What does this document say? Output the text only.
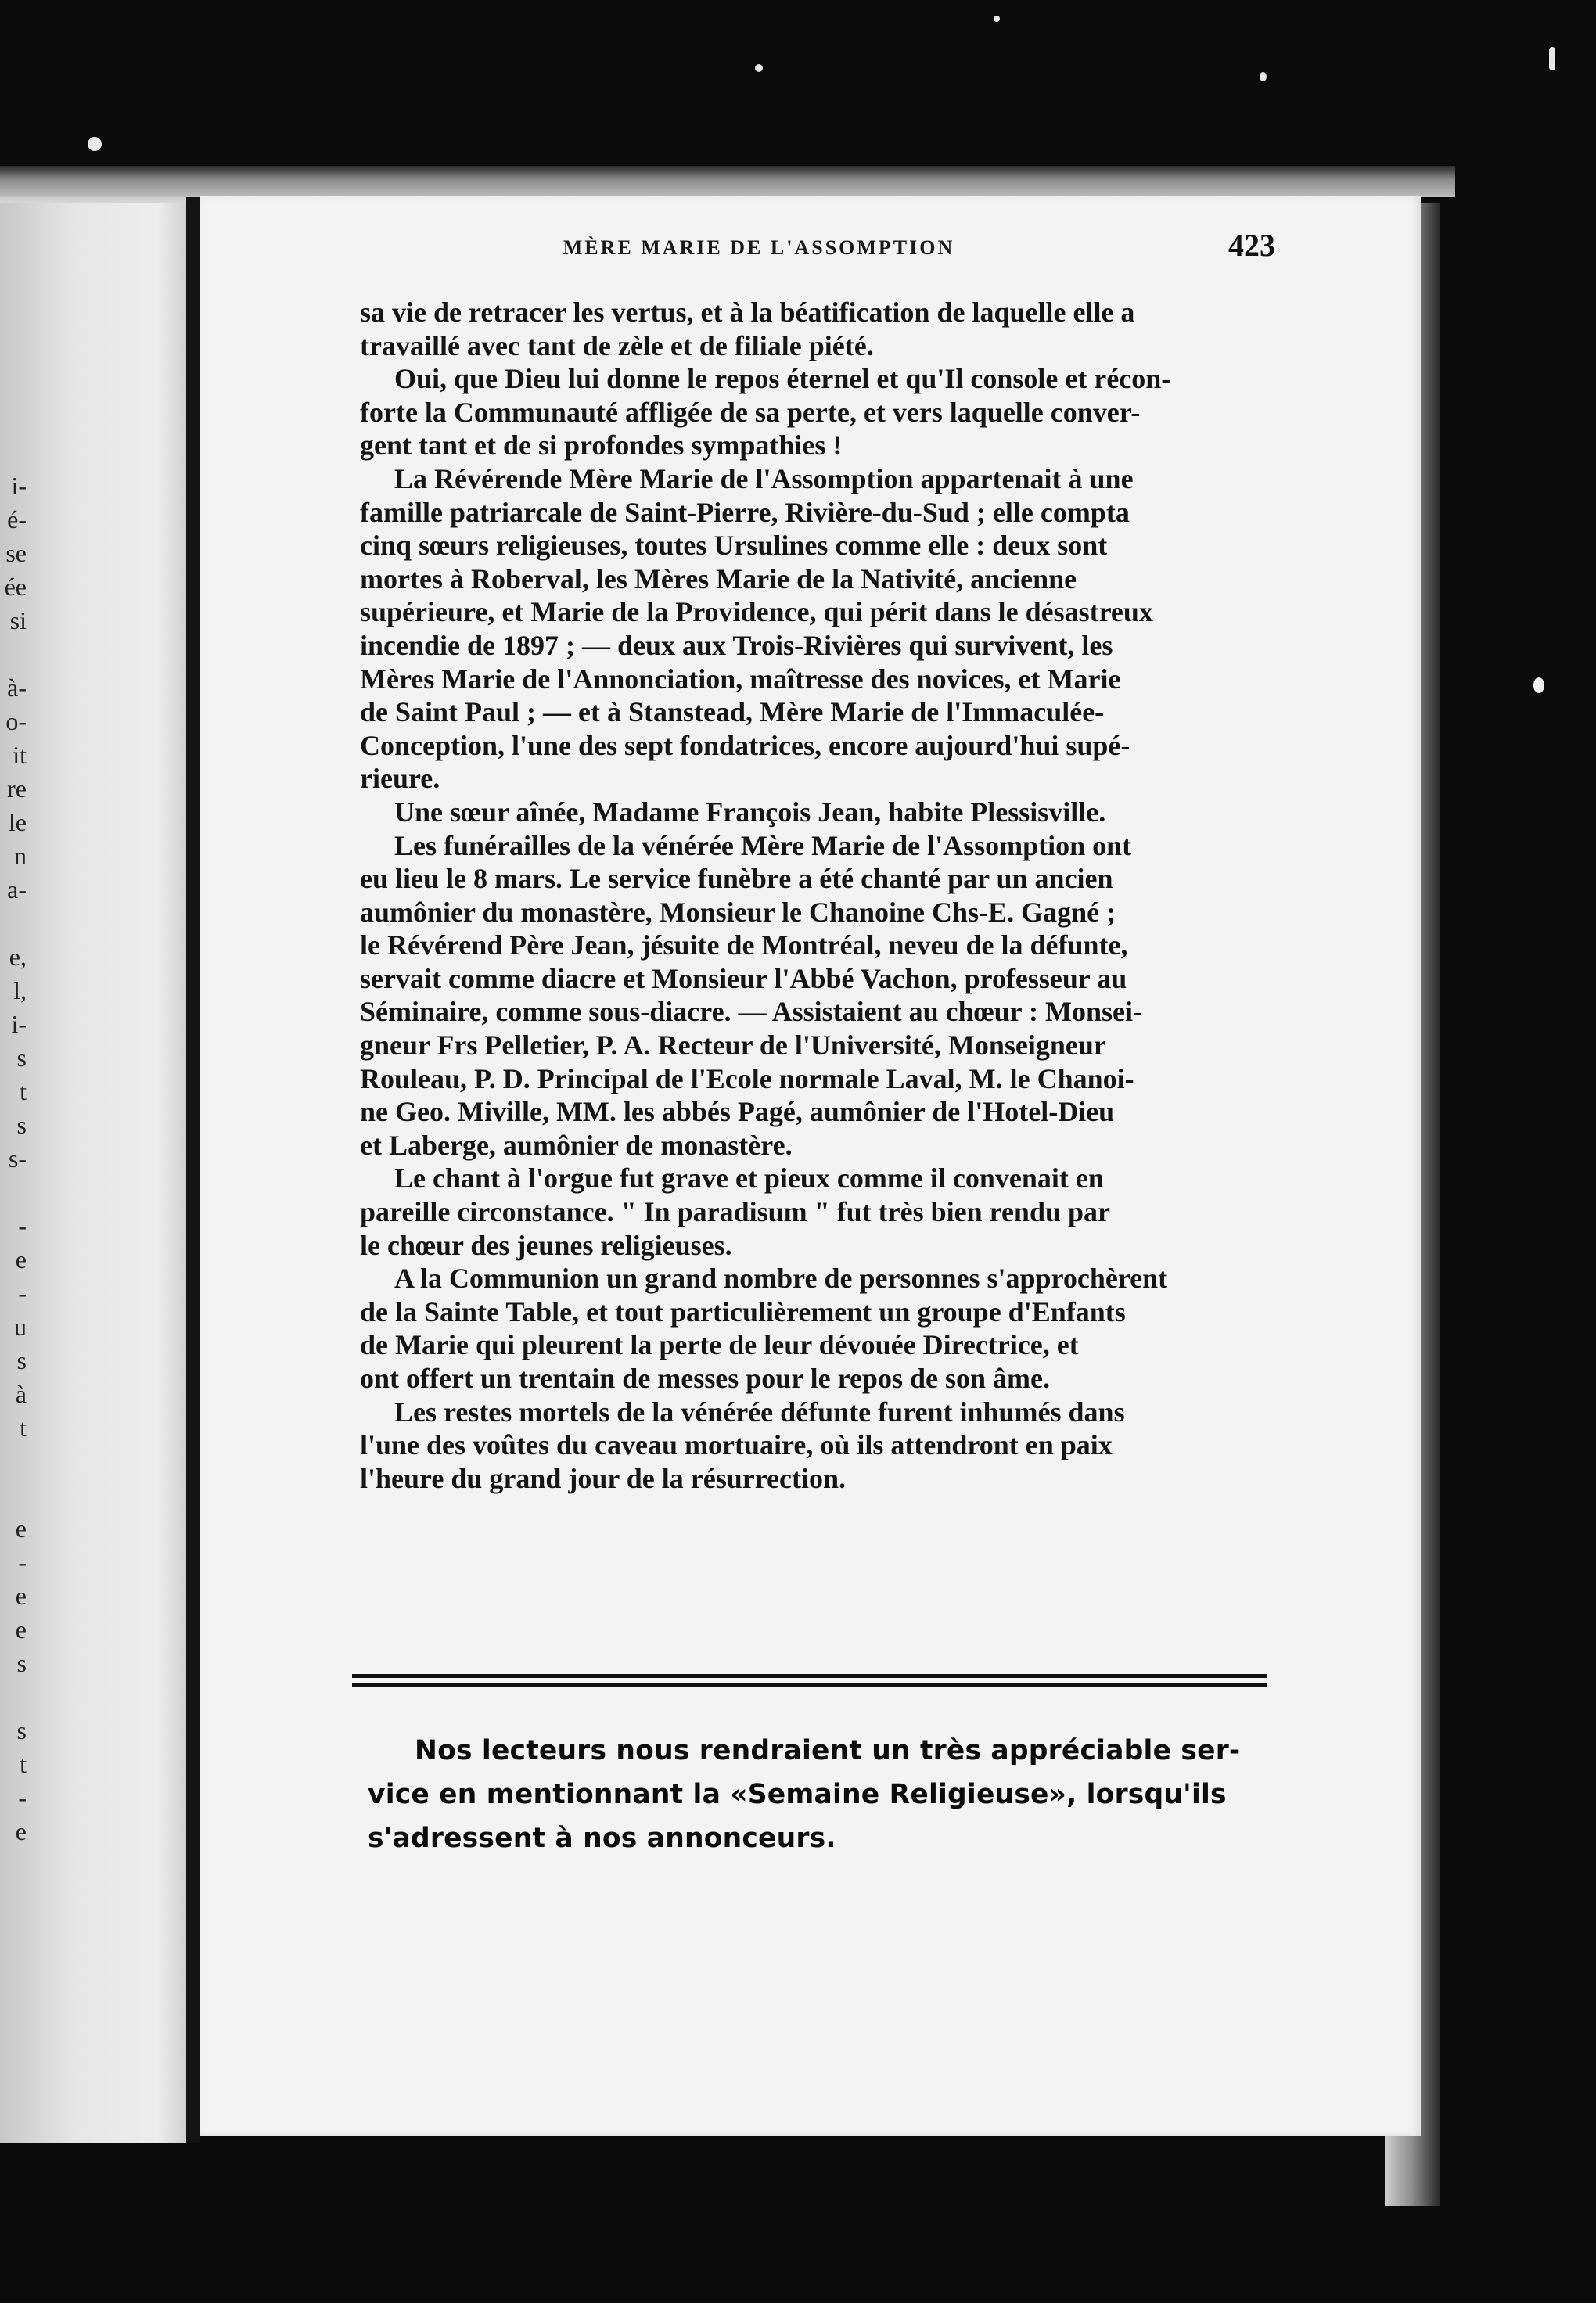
i-
é-
se
ée
si
à-
o-
it
re
le
n
a-
e,
l,
i-
s
t
s
s-
-
e
-
u
s
à
t
e
-
e
e
s
s
t
-
e
MÈRE MARIE DE L'ASSOMPTION	423

sa vie de retracer les vertus, et à la béatification de laquelle elle a
travaillé avec tant de zèle et de filiale piété.

Oui, que Dieu lui donne le repos éternel et qu'Il console et récon-
forte la Communauté affligée de sa perte, et vers laquelle conver-
gent tant et de si profondes sympathies !

La Révérende Mère Marie de l'Assomption appartenait à une
famille patriarcale de Saint-Pierre, Rivière-du-Sud ; elle compta
cinq sœurs religieuses, toutes Ursulines comme elle : deux sont
mortes à Roberval, les Mères Marie de la Nativité, ancienne
supérieure, et Marie de la Providence, qui périt dans le désastreux
incendie de 1897 ; — deux aux Trois-Rivières qui survivent, les
Mères Marie de l'Annonciation, maîtresse des novices, et Marie
de Saint Paul ; — et à Stanstead, Mère Marie de l'Immaculée-
Conception, l'une des sept fondatrices, encore aujourd'hui supé-
rieure.

Une sœur aînée, Madame François Jean, habite Plessisville.

Les funérailles de la vénérée Mère Marie de l'Assomption ont
eu lieu le 8 mars. Le service funèbre a été chanté par un ancien
aumônier du monastère, Monsieur le Chanoine Chs-E. Gagné ;
le Révérend Père Jean, jésuite de Montréal, neveu de la défunte,
servait comme diacre et Monsieur l'Abbé Vachon, professeur au
Séminaire, comme sous-diacre. — Assistaient au chœur : Monsei-
gneur Frs Pelletier, P. A. Recteur de l'Université, Monseigneur
Rouleau, P. D. Principal de l'Ecole normale Laval, M. le Chanoi-
ne Geo. Miville, MM. les abbés Pagé, aumônier de l'Hotel-Dieu
et Laberge, aumônier de monastère.

Le chant à l'orgue fut grave et pieux comme il convenait en
pareille circonstance. " In paradisum " fut très bien rendu par
le chœur des jeunes religieuses.

A la Communion un grand nombre de personnes s'approchèrent
de la Sainte Table, et tout particulièrement un groupe d'Enfants
de Marie qui pleurent la perte de leur dévouée Directrice, et
ont offert un trentain de messes pour le repos de son âme.

Les restes mortels de la vénérée défunte furent inhumés dans
l'une des voûtes du caveau mortuaire, où ils attendront en paix
l'heure du grand jour de la résurrection.

Nos lecteurs nous rendraient un très appréciable ser-
vice en mentionnant la «Semaine Religieuse», lorsqu'ils
s'adressent à nos annonceurs.
